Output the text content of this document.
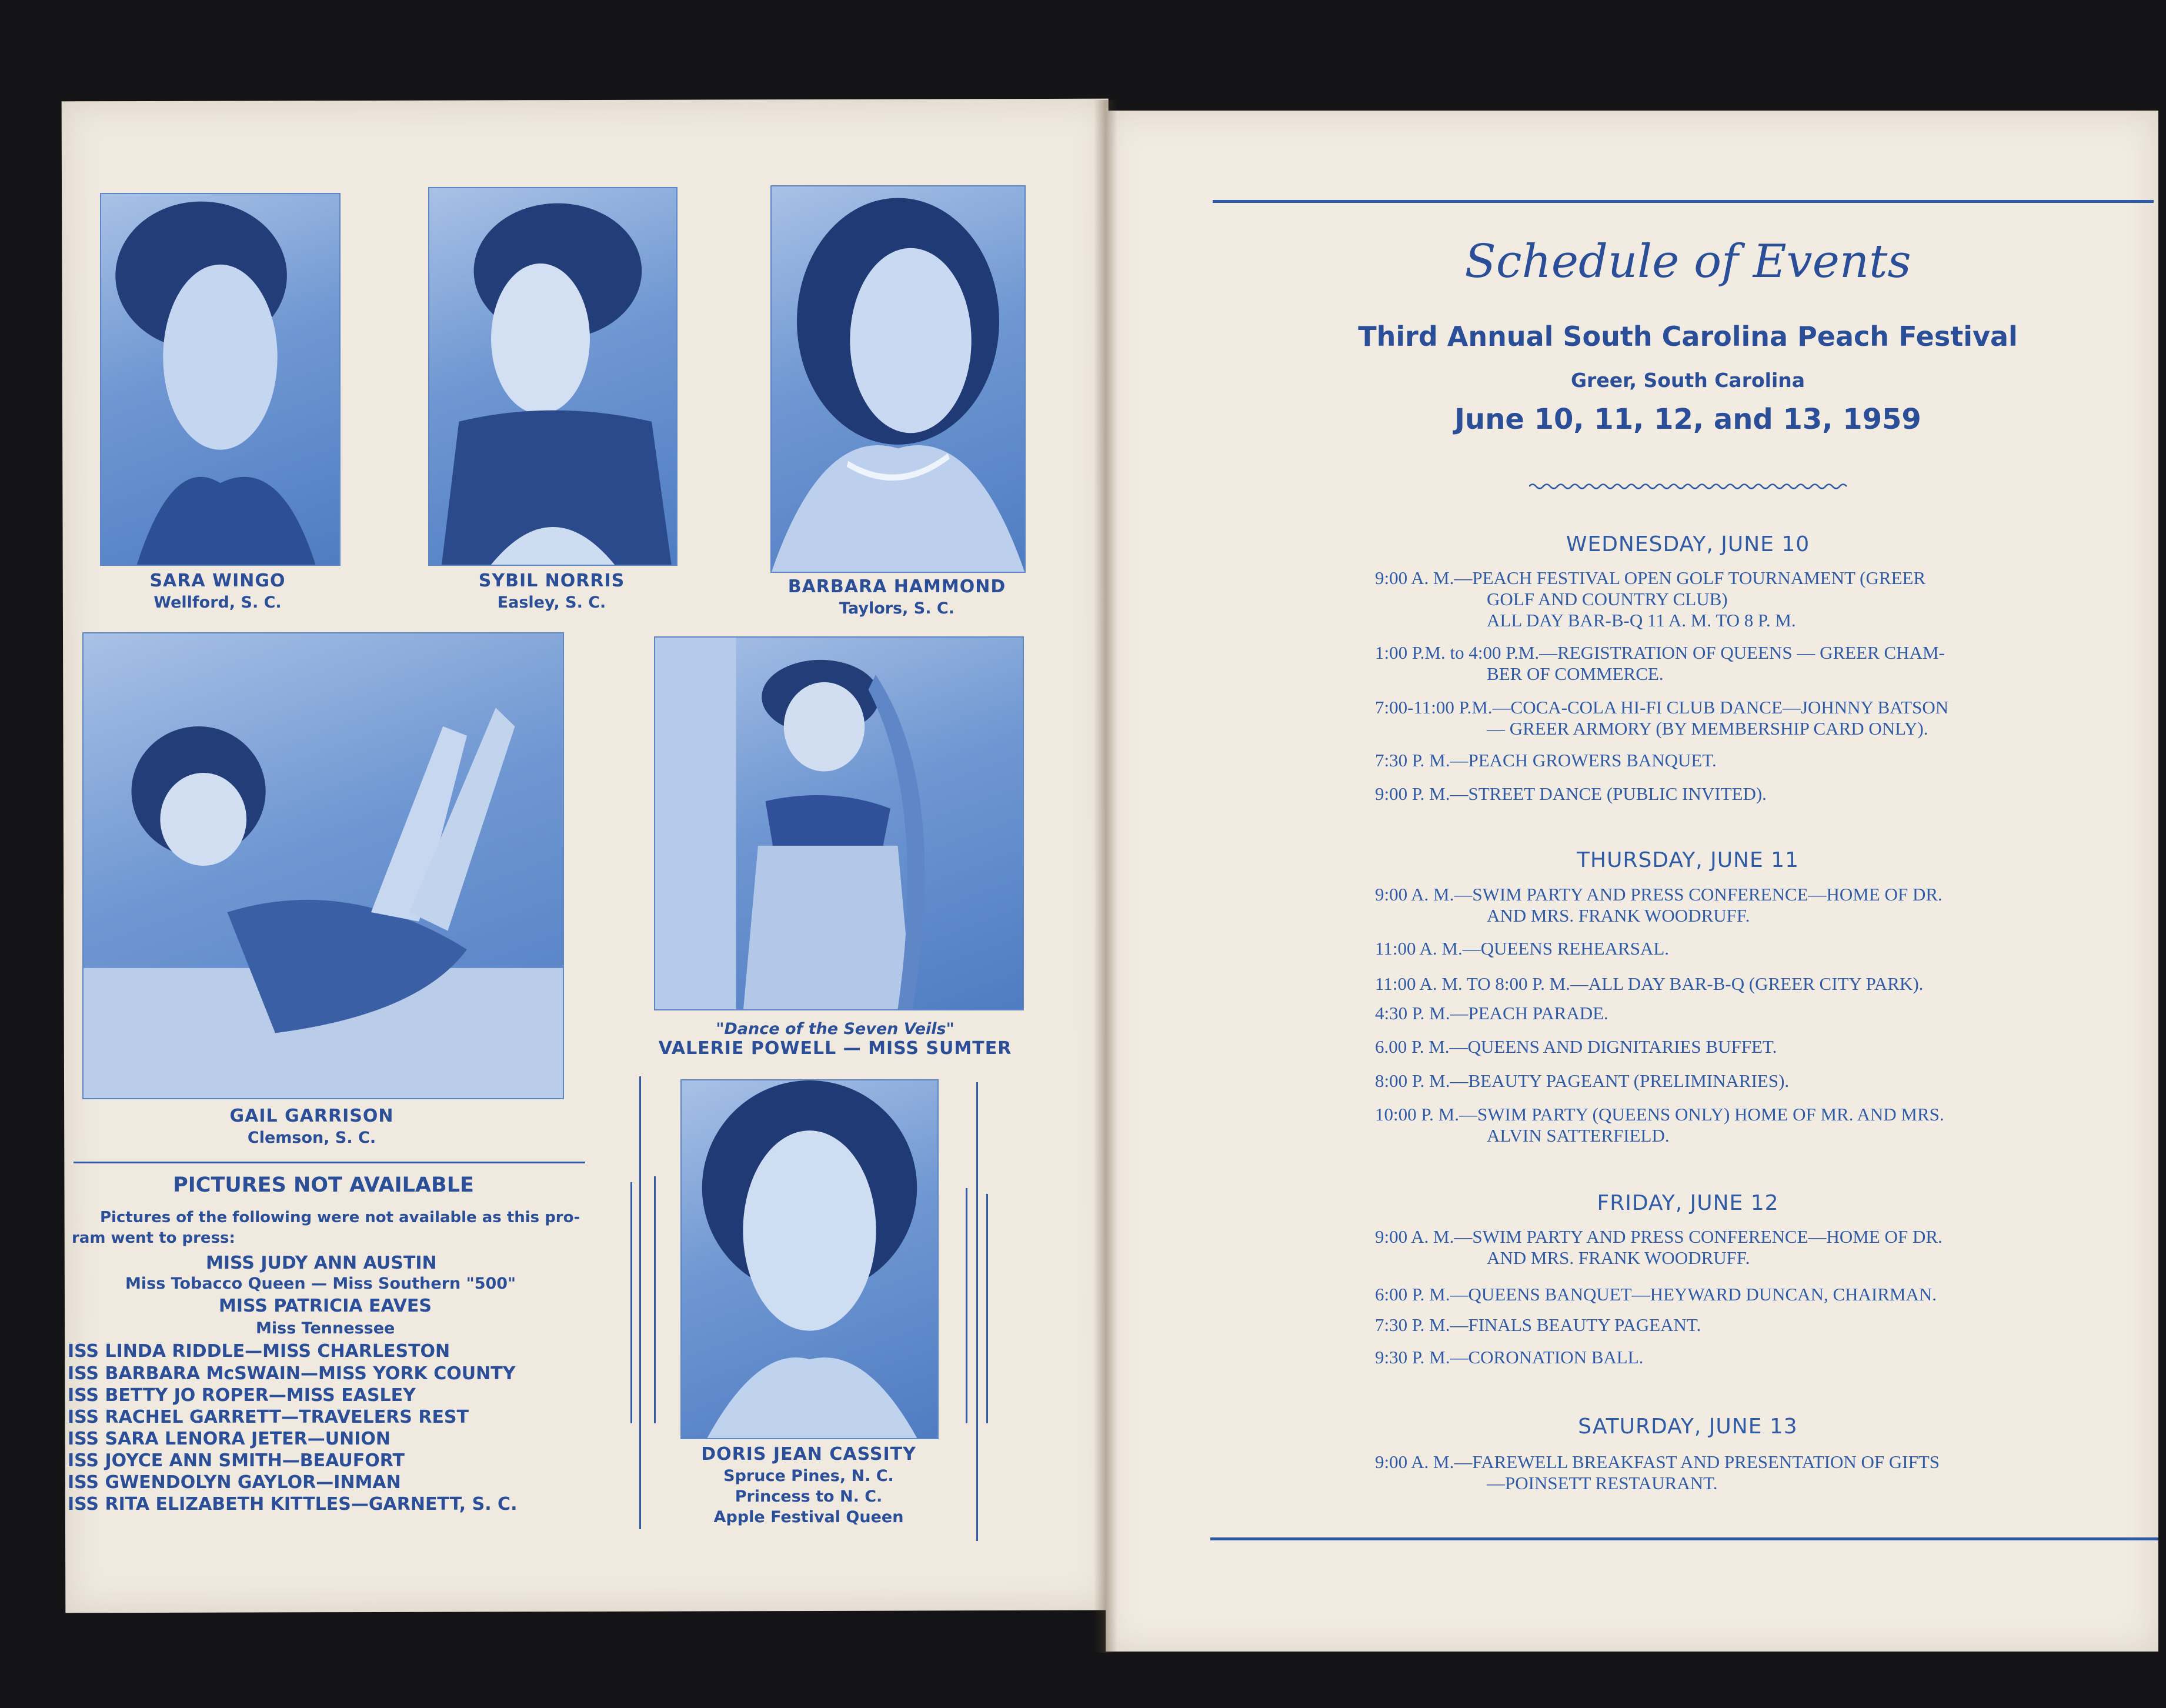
SARA WINGO
Wellford, S. C.
SYBIL NORRIS
Easley, S. C.
BARBARA HAMMOND
Taylors, S. C.
GAIL GARRISON
Clemson, S. C.
"Dance of the Seven Veils"
VALERIE POWELL — MISS SUMTER
DORIS JEAN CASSITY
Spruce Pines, N. C.
Princess to N. C.
Apple Festival Queen
PICTURES NOT AVAILABLE
Pictures of the following were not available as this pro-
ram went to press:
MISS JUDY ANN AUSTIN
Miss Tobacco Queen — Miss Southern "500"
MISS PATRICIA EAVES
Miss Tennessee
ISS LINDA RIDDLE—MISS CHARLESTON
ISS BARBARA McSWAIN—MISS YORK COUNTY
ISS BETTY JO ROPER—MISS EASLEY
ISS RACHEL GARRETT—TRAVELERS REST
ISS SARA LENORA JETER—UNION
ISS JOYCE ANN SMITH—BEAUFORT
ISS GWENDOLYN GAYLOR—INMAN
ISS RITA ELIZABETH KITTLES—GARNETT, S. C.
Schedule of Events
Third Annual South Carolina Peach Festival
Greer, South Carolina
June 10, 11, 12, and 13, 1959
WEDNESDAY, JUNE 10
9:00 A. M.—PEACH FESTIVAL OPEN GOLF TOURNAMENT (GREER
GOLF AND COUNTRY CLUB)
ALL DAY BAR-B-Q 11 A. M. TO 8 P. M.
1:00 P.M. to 4:00 P.M.—REGISTRATION OF QUEENS — GREER CHAM-
BER OF COMMERCE.
7:00-11:00 P.M.—COCA-COLA HI-FI CLUB DANCE—JOHNNY BATSON
— GREER ARMORY (BY MEMBERSHIP CARD ONLY).
7:30 P. M.—PEACH GROWERS BANQUET.
9:00 P. M.—STREET DANCE (PUBLIC INVITED).
THURSDAY, JUNE 11
9:00 A. M.—SWIM PARTY AND PRESS CONFERENCE—HOME OF DR.
AND MRS. FRANK WOODRUFF.
11:00 A. M.—QUEENS REHEARSAL.
11:00 A. M. TO 8:00 P. M.—ALL DAY BAR-B-Q (GREER CITY PARK).
4:30 P. M.—PEACH PARADE.
6.00 P. M.—QUEENS AND DIGNITARIES BUFFET.
8:00 P. M.—BEAUTY PAGEANT (PRELIMINARIES).
10:00 P. M.—SWIM PARTY (QUEENS ONLY) HOME OF MR. AND MRS.
ALVIN SATTERFIELD.
FRIDAY, JUNE 12
9:00 A. M.—SWIM PARTY AND PRESS CONFERENCE—HOME OF DR.
AND MRS. FRANK WOODRUFF.
6:00 P. M.—QUEENS BANQUET—HEYWARD DUNCAN, CHAIRMAN.
7:30 P. M.—FINALS BEAUTY PAGEANT.
9:30 P. M.—CORONATION BALL.
SATURDAY, JUNE 13
9:00 A. M.—FAREWELL BREAKFAST AND PRESENTATION OF GIFTS
—POINSETT RESTAURANT.
